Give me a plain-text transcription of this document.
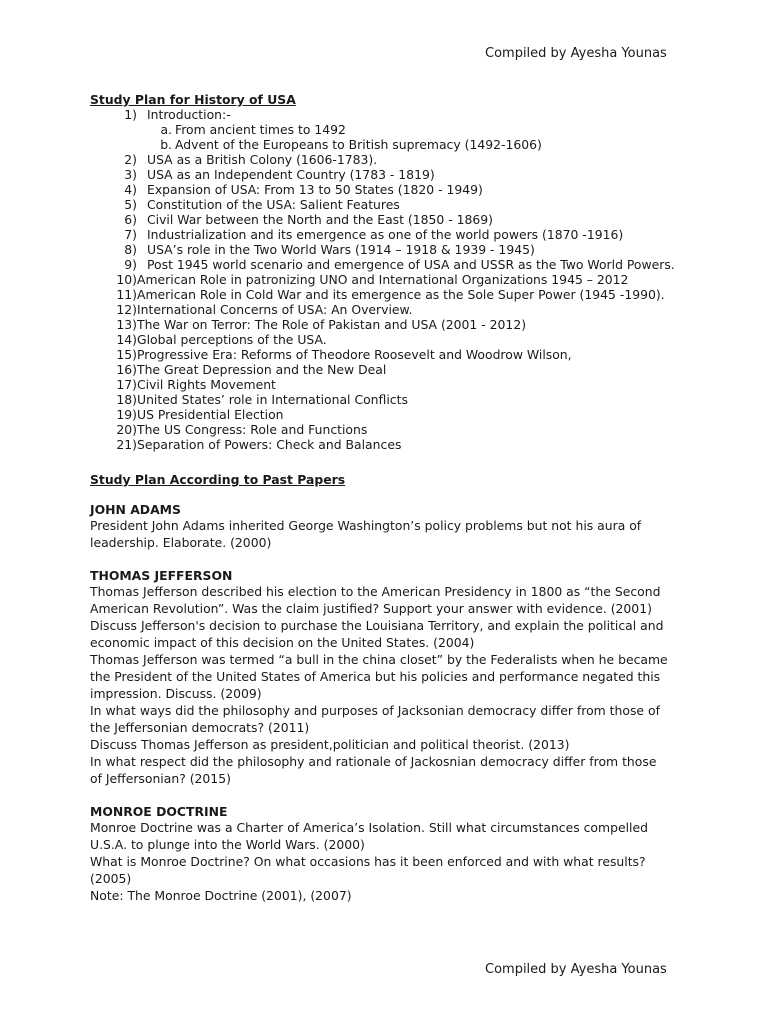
Compiled by Ayesha Younas

Study Plan for History of USA

1) Introduction:-
a. From ancient times to 1492
b. Advent of the Europeans to British supremacy (1492-1606)
2) USA as a British Colony (1606-1783).
3) USA as an Independent Country (1783 - 1819)
4) Expansion of USA: From 13 to 50 States (1820 - 1949)
5) Constitution of the USA: Salient Features
6) Civil War between the North and the East (1850 - 1869)
7) Industrialization and its emergence as one of the world powers (1870 -1916)
8) USA’s role in the Two World Wars (1914 – 1918 & 1939 - 1945)
9) Post 1945 world scenario and emergence of USA and USSR as the Two World Powers.
10) American Role in patronizing UNO and International Organizations 1945 – 2012
11) American Role in Cold War and its emergence as the Sole Super Power (1945 -1990).
12) International Concerns of USA: An Overview.
13) The War on Terror: The Role of Pakistan and USA (2001 - 2012)
14) Global perceptions of the USA.
15) Progressive Era: Reforms of Theodore Roosevelt and Woodrow Wilson,
16) The Great Depression and the New Deal
17) Civil Rights Movement
18) United States’ role in International Conflicts
19) US Presidential Election
20) The US Congress: Role and Functions
21) Separation of Powers: Check and Balances

Study Plan According to Past Papers

JOHN ADAMS

President John Adams inherited George Washington’s policy problems but not his aura of

leadership. Elaborate. (2000)

THOMAS JEFFERSON

Thomas Jefferson described his election to the American Presidency in 1800 as “the Second

American Revolution”. Was the claim justified? Support your answer with evidence. (2001)

Discuss Jefferson's decision to purchase the Louisiana Territory, and explain the political and

economic impact of this decision on the United States. (2004)

Thomas Jefferson was termed “a bull in the china closet” by the Federalists when he became

the President of the United States of America but his policies and performance negated this

impression. Discuss. (2009)

In what ways did the philosophy and purposes of Jacksonian democracy differ from those of

the Jeffersonian democrats? (2011)

Discuss Thomas Jefferson as president,politician and political theorist. (2013)

In what respect did the philosophy and rationale of Jackosnian democracy differ from those

of Jeffersonian? (2015)

MONROE DOCTRINE

Monroe Doctrine was a Charter of America’s Isolation. Still what circumstances compelled

U.S.A. to plunge into the World Wars. (2000)

What is Monroe Doctrine? On what occasions has it been enforced and with what results?

(2005)

Note: The Monroe Doctrine (2001), (2007)

Compiled by Ayesha Younas
